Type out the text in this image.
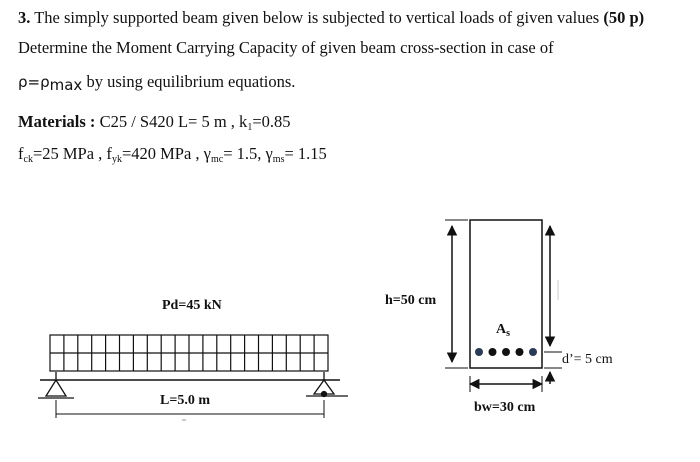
3. The simply supported beam given below is subjected to vertical loads of given values (50 p)
Determine the Moment Carrying Capacity of given beam cross-section in case of
$\rho=\rho_{max}$ by using equilibrium equations.
Materials : C25 / S420 L= 5 m , $k_1=0.85$
$f_{ck}=25$ MPa , $f_{yk}=420$ MPa , $\gamma_{mc}= 1.5$, $\gamma_{ms}= 1.15$
Pd=45 kN
L=5.0 m
h=50 cm
$A_s$
d’= 5 cm
bw=30 cm
